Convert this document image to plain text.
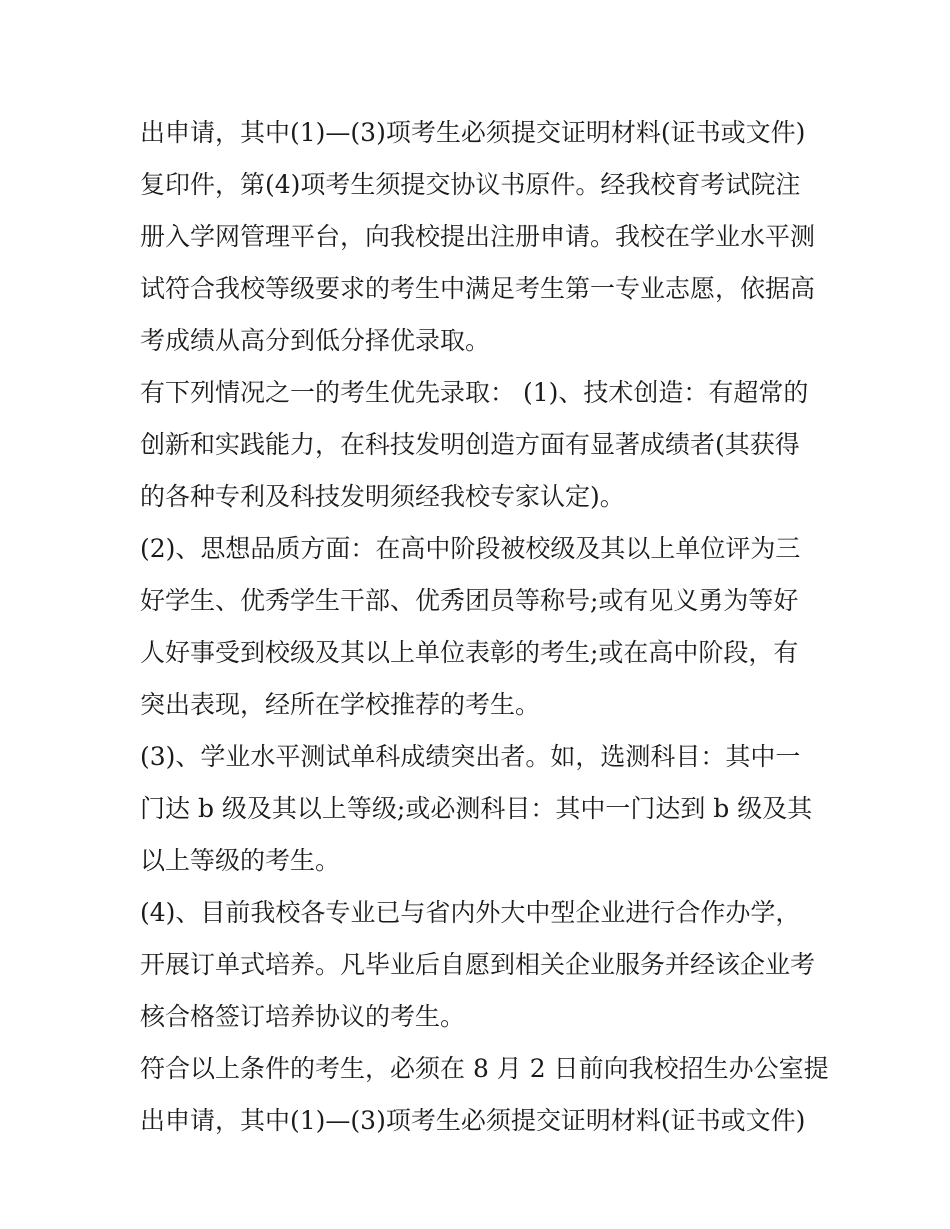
出申请，其中(1)—(3)项考生必须提交证明材料(证书或文件)
复印件，第(4)项考生须提交协议书原件。经我校育考试院注
册入学网管理平台，向我校提出注册申请。我校在学业水平测
试符合我校等级要求的考生中满足考生第一专业志愿，依据高
考成绩从高分到低分择优录取。
有下列情况之一的考生优先录取： (1)、技术创造：有超常的
创新和实践能力，在科技发明创造方面有显著成绩者(其获得
的各种专利及科技发明须经我校专家认定)。
(2)、思想品质方面：在高中阶段被校级及其以上单位评为三
好学生、优秀学生干部、优秀团员等称号;或有见义勇为等好
人好事受到校级及其以上单位表彰的考生;或在高中阶段，有
突出表现，经所在学校推荐的考生。
(3)、学业水平测试单科成绩突出者。如，选测科目：其中一
门达 b 级及其以上等级;或必测科目：其中一门达到 b 级及其
以上等级的考生。
(4)、目前我校各专业已与省内外大中型企业进行合作办学，
开展订单式培养。凡毕业后自愿到相关企业服务并经该企业考
核合格签订培养协议的考生。
符合以上条件的考生，必须在 8 月 2 日前向我校招生办公室提
出申请，其中(1)—(3)项考生必须提交证明材料(证书或文件)
